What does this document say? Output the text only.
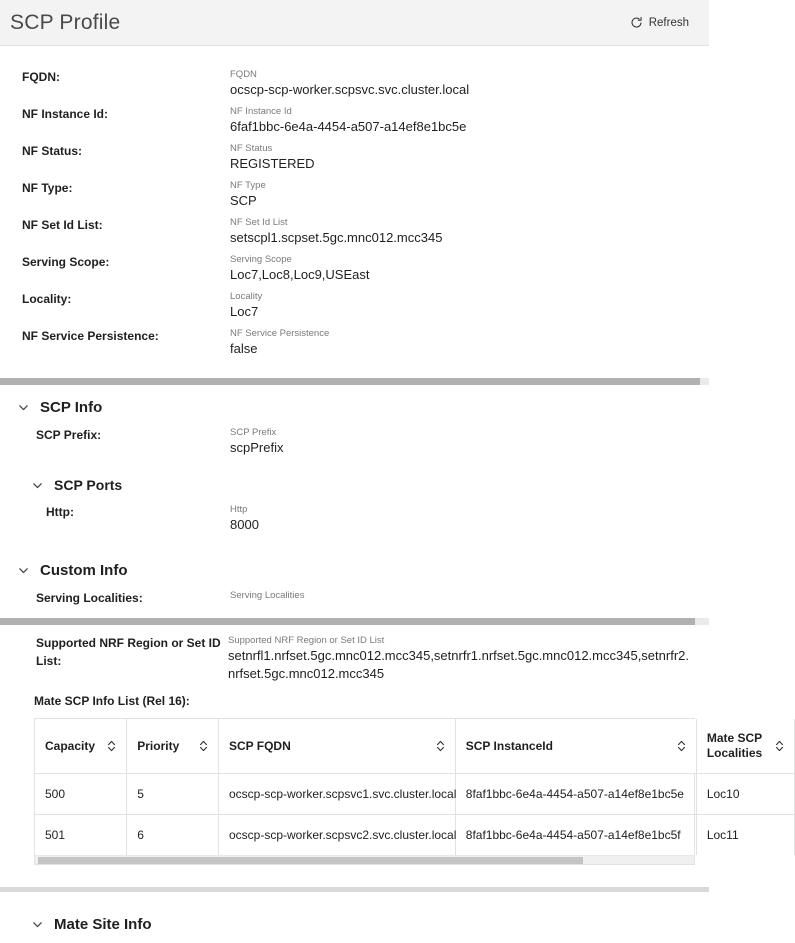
SCP Profile	Refresh
FQDN:	FQDN
ocscp-scp-worker.scpsvc.svc.cluster.local
NF Instance Id:	NF Instance Id
6faf1bbc-6e4a-4454-a507-a14ef8e1bc5e
NF Status:	NF Status
REGISTERED
NF Type:	NF Type
SCP
NF Set Id List:	NF Set Id List
setscpl1.scpset.5gc.mnc012.mcc345
Serving Scope:	Serving Scope
Loc7,Loc8,Loc9,USEast
Locality:	Locality
Loc7
NF Service Persistence:	NF Service Persistence
false
SCP Info
SCP Prefix:	SCP Prefix
scpPrefix
SCP Ports
Http:	Http
8000
Custom Info
Serving Localities:	Serving Localities
Supported NRF Region or Set ID List:
Supported NRF Region or Set ID List
setnrfl1.nrfset.5gc.mnc012.mcc345,setnrfr1.nrfset.5gc.mnc012.mcc345,setnrfr2.nrfset.5gc.mnc012.mcc345
Mate SCP Info List (Rel 16):
Capacity	Priority	SCP FQDN	SCP InstanceId	Mate SCP Localities

500	5	ocscp-scp-worker.scpsvc1.svc.cluster.local	8faf1bbc-6e4a-4454-a507-a14ef8e1bc5e	Loc10
501	6	ocscp-scp-worker.scpsvc2.svc.cluster.local	8faf1bbc-6e4a-4454-a507-a14ef8e1bc5f	Loc11
Mate Site Info
